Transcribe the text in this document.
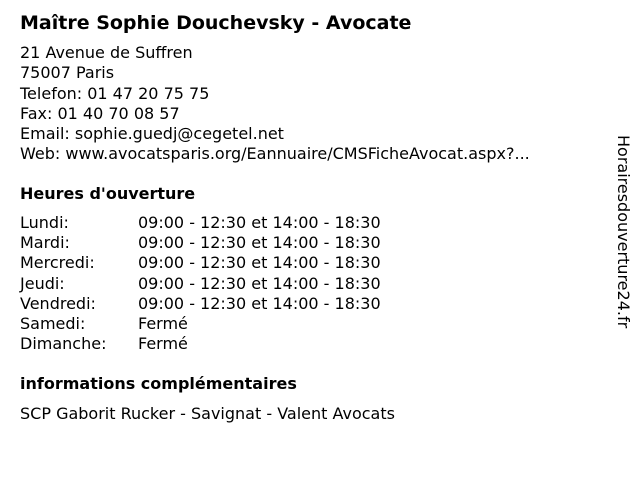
Maître Sophie Douchevsky - Avocate
21 Avenue de Suffren
75007 Paris
Telefon: 01 47 20 75 75
Fax: 01 40 70 08 57
Email: sophie.guedj@cegetel.net
Web: www.avocatsparis.org/Eannuaire/CMSFicheAvocat.aspx?...
Heures d'ouverture
Lundi:	09:00 - 12:30 et 14:00 - 18:30
Mardi:	09:00 - 12:30 et 14:00 - 18:30
Mercredi:	09:00 - 12:30 et 14:00 - 18:30
Jeudi:	09:00 - 12:30 et 14:00 - 18:30
Vendredi:	09:00 - 12:30 et 14:00 - 18:30
Samedi:	Fermé
Dimanche: Fermé
informations complémentaires
SCP Gaborit Rucker - Savignat - Valent Avocats
Horairesdouverture24.fr
